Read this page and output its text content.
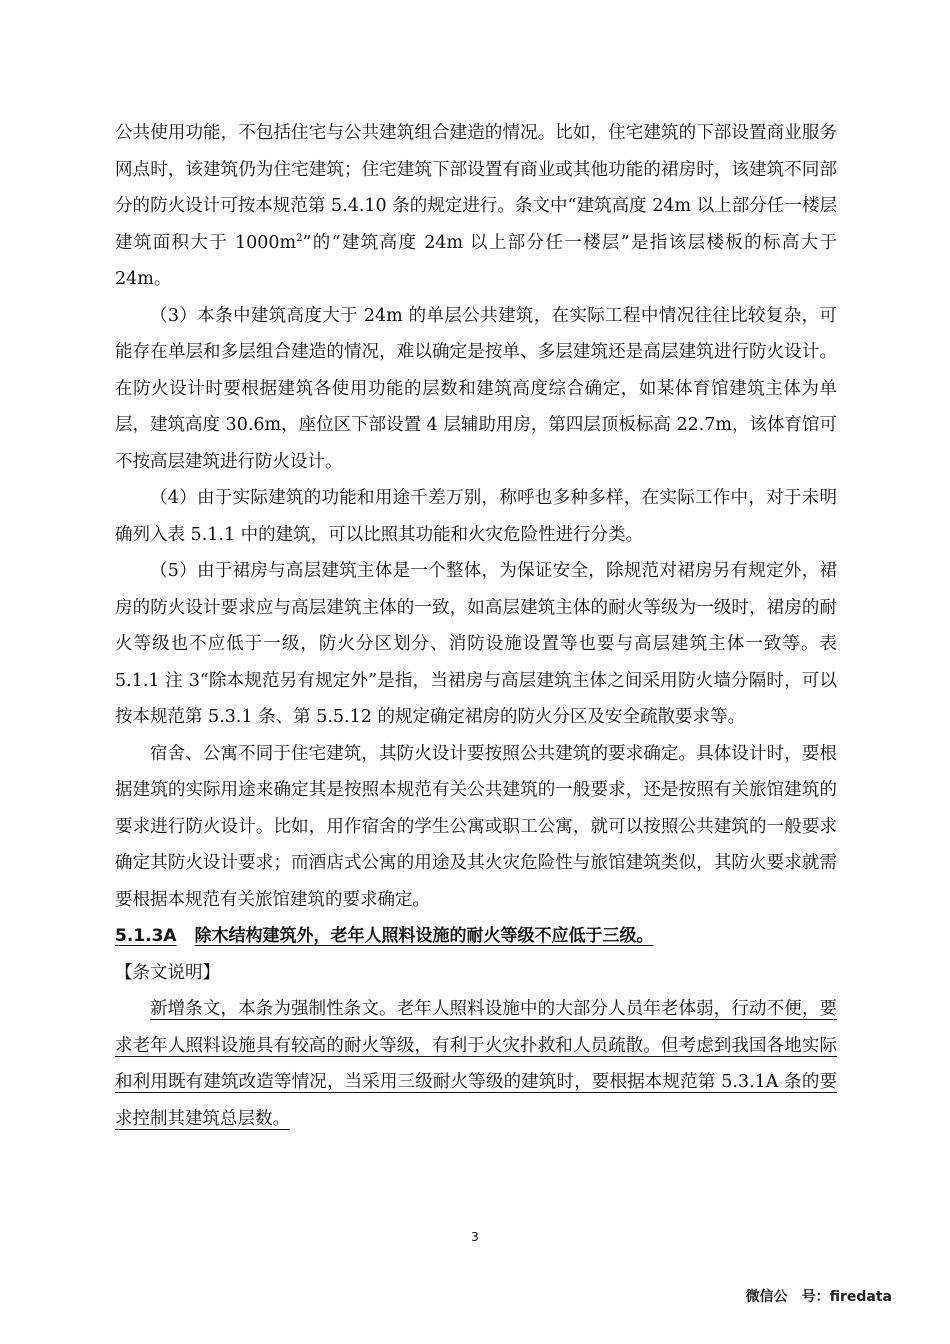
公共使用功能，不包括住宅与公共建筑组合建造的情况。比如，住宅建筑的下部设置商业服务网点时，该建筑仍为住宅建筑；住宅建筑下部设置有商业或其他功能的裙房时，该建筑不同部分的防火设计可按本规范第 5.4.10 条的规定进行。条文中“建筑高度 24m 以上部分任一楼层建筑面积大于 $1000m^2$”的“建筑高度 24m 以上部分任一楼层”是指该层楼板的标高大于 24m。

（3）本条中建筑高度大于 24m 的单层公共建筑，在实际工程中情况往往比较复杂，可能存在单层和多层组合建造的情况，难以确定是按单、多层建筑还是高层建筑进行防火设计。在防火设计时要根据建筑各使用功能的层数和建筑高度综合确定，如某体育馆建筑主体为单层，建筑高度 30.6m，座位区下部设置 4 层辅助用房，第四层顶板标高 22.7m，该体育馆可不按高层建筑进行防火设计。

（4）由于实际建筑的功能和用途千差万别，称呼也多种多样，在实际工作中，对于未明确列入表 5.1.1 中的建筑，可以比照其功能和火灾危险性进行分类。

（5）由于裙房与高层建筑主体是一个整体，为保证安全，除规范对裙房另有规定外，裙房的防火设计要求应与高层建筑主体的一致，如高层建筑主体的耐火等级为一级时，裙房的耐火等级也不应低于一级，防火分区划分、消防设施设置等也要与高层建筑主体一致等。表 5.1.1 注 3“除本规范另有规定外”是指，当裙房与高层建筑主体之间采用防火墙分隔时，可以按本规范第 5.3.1 条、第 5.5.12 的规定确定裙房的防火分区及安全疏散要求等。

宿舍、公寓不同于住宅建筑，其防火设计要按照公共建筑的要求确定。具体设计时，要根据建筑的实际用途来确定其是按照本规范有关公共建筑的一般要求，还是按照有关旅馆建筑的要求进行防火设计。比如，用作宿舍的学生公寓或职工公寓，就可以按照公共建筑的一般要求确定其防火设计要求；而酒店式公寓的用途及其火灾危险性与旅馆建筑类似，其防火要求就需要根据本规范有关旅馆建筑的要求确定。

5.1.3A 除木结构建筑外，老年人照料设施的耐火等级不应低于三级。

【条文说明】

新增条文，本条为强制性条文。老年人照料设施中的大部分人员年老体弱，行动不便，要求老年人照料设施具有较高的耐火等级，有利于火灾扑救和人员疏散。但考虑到我国各地实际和利用既有建筑改造等情况，当采用三级耐火等级的建筑时，要根据本规范第 5.3.1A 条的要求控制其建筑总层数。

3
微信公　号：firedata
